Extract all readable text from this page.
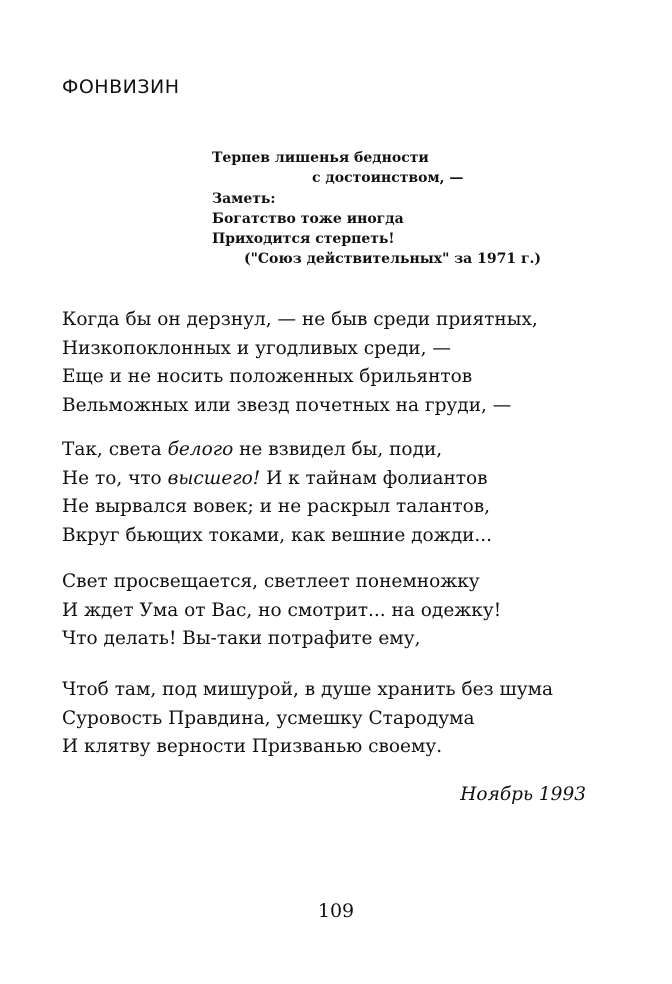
ФОНВИЗИН
Терпев лишенья бедности
с достоинством, —
Заметь:
Богатство тоже иногда
Приходится стерпеть!
("Союз действительных" за 1971 г.)
Когда бы он дерзнул, — не быв среди приятных,
Низкопоклонных и угодливых среди, —
Еще и не носить положенных брильянтов
Вельможных или звезд почетных на груди, —
Так, света белого не взвидел бы, поди,
Не то, что высшего! И к тайнам фолиантов
Не вырвался вовек; и не раскрыл талантов,
Вкруг бьющих токами, как вешние дожди...
Свет просвещается, светлеет понемножку
И ждет Ума от Вас, но смотрит... на одежку!
Что делать! Вы-таки потрафите ему,
Чтоб там, под мишурой, в душе хранить без шума
Суровость Правдина, усмешку Стародума
И клятву верности Призванью своему.
Ноябрь 1993
109
